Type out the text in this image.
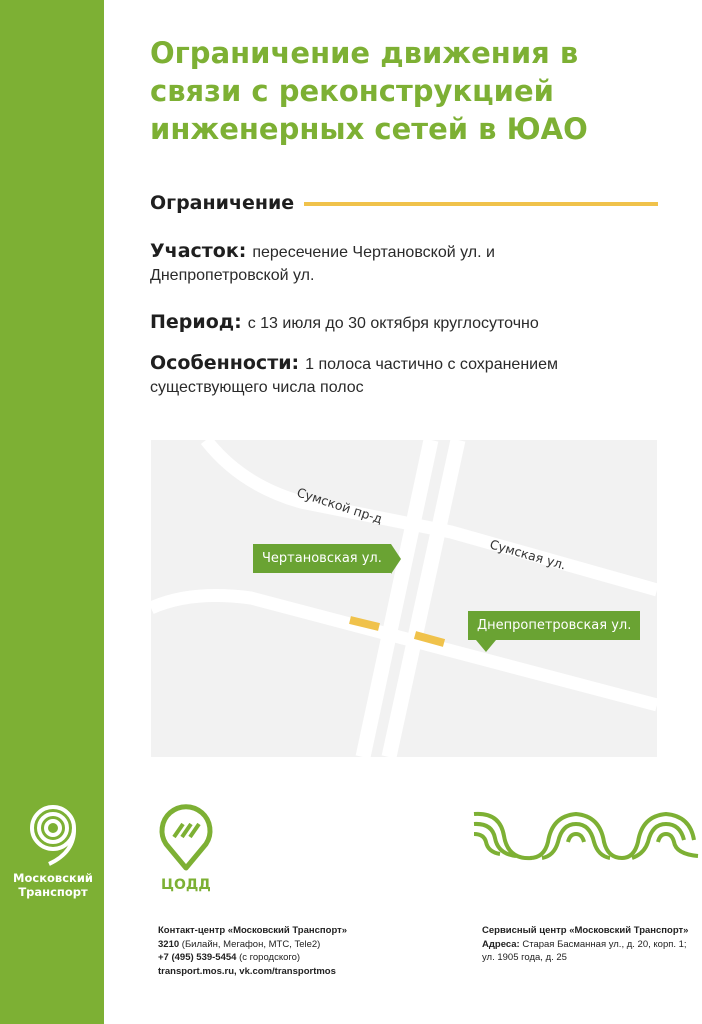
Ограничение движения в связи с реконструкцией инженерных сетей в ЮАО
Ограничение
Участок: пересечение Чертановской ул. и Днепропетровской ул.
Период: с 13 июля до 30 октября круглосуточно
Особенности: 1 полоса частично с сохранением существующего числа полос
Сумской пр-д
Сумская ул.
Чертановская ул.
Днепропетровская ул.
Московский
Транспорт	ЦОДД
Контакт-центр «Московский Транспорт»
3210 (Билайн, Мегафон, МТС, Tele2)
+7 (495) 539-5454 (с городского)
transport.mos.ru, vk.com/transportmos
Сервисный центр «Московский Транспорт»
Адреса: Старая Басманная ул., д. 20, корп. 1;
ул. 1905 года, д. 25
